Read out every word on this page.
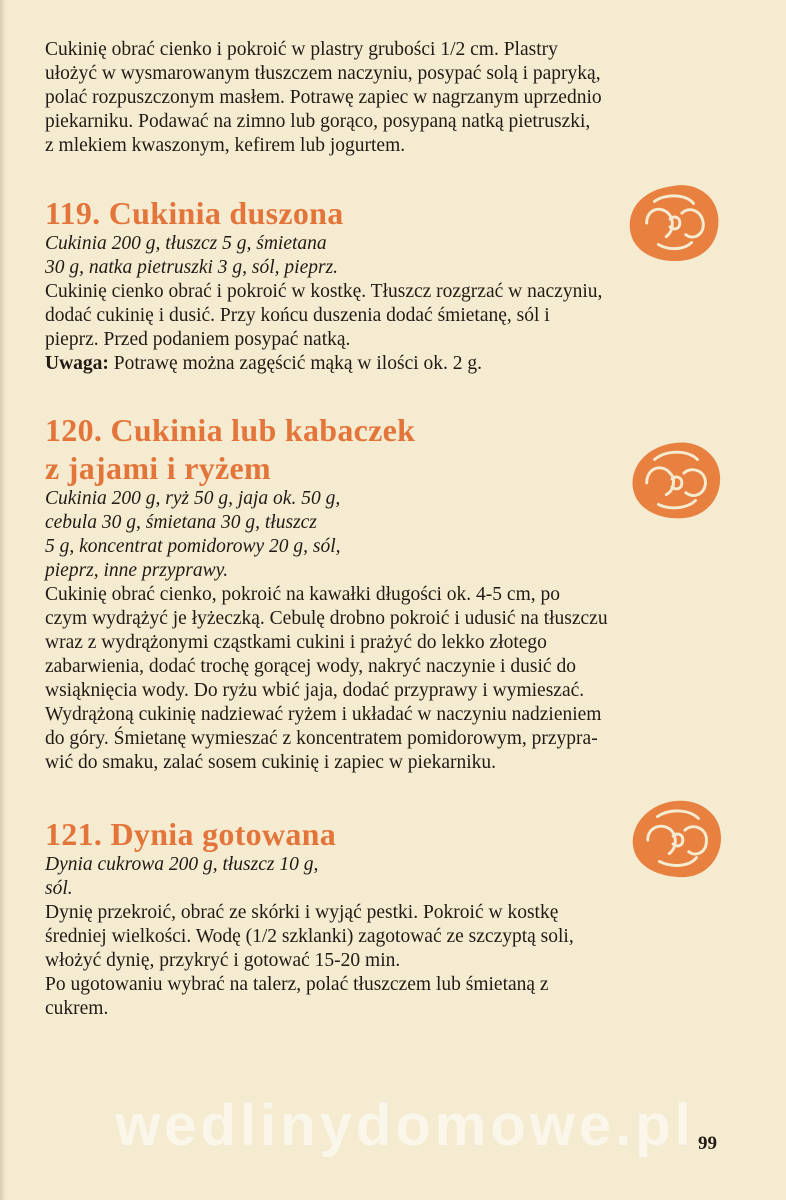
Cukinię obrać cienko i pokroić w plastry grubości 1/2 cm. Plastry

ułożyć w wysmarowanym tłuszczem naczyniu, posypać solą i papryką,

polać rozpuszczonym masłem. Potrawę zapiec w nagrzanym uprzednio

piekarniku. Podawać na zimno lub gorąco, posypaną natką pietruszki,

z mlekiem kwaszonym, kefirem lub jogurtem.

119. Cukinia duszona

Cukinia 200 g, tłuszcz 5 g, śmietana

30 g, natka pietruszki 3 g, sól, pieprz.

Cukinię cienko obrać i pokroić w kostkę. Tłuszcz rozgrzać w naczyniu,

dodać cukinię i dusić. Przy końcu duszenia dodać śmietanę, sól i

pieprz. Przed podaniem posypać natką.

Uwaga: Potrawę można zagęścić mąką w ilości ok. 2 g.

120. Cukinia lub kabaczek
z jajami i ryżem

Cukinia 200 g, ryż 50 g, jaja ok. 50 g,

cebula 30 g, śmietana 30 g, tłuszcz

5 g, koncentrat pomidorowy 20 g, sól,

pieprz, inne przyprawy.

Cukinię obrać cienko, pokroić na kawałki długości ok. 4-5 cm, po

czym wydrążyć je łyżeczką. Cebulę drobno pokroić i udusić na tłuszczu

wraz z wydrążonymi cząstkami cukini i prażyć do lekko złotego

zabarwienia, dodać trochę gorącej wody, nakryć naczynie i dusić do

wsiąknięcia wody. Do ryżu wbić jaja, dodać przyprawy i wymieszać.

Wydrążoną cukinię nadziewać ryżem i układać w naczyniu nadzieniem

do góry. Śmietanę wymieszać z koncentratem pomidorowym, przypra-

wić do smaku, zalać sosem cukinię i zapiec w piekarniku.

121. Dynia gotowana

Dynia cukrowa 200 g, tłuszcz 10 g,

sól.

Dynię przekroić, obrać ze skórki i wyjąć pestki. Pokroić w kostkę

średniej wielkości. Wodę (1/2 szklanki) zagotować ze szczyptą soli,

włożyć dynię, przykryć i gotować 15-20 min.

Po ugotowaniu wybrać na talerz, polać tłuszczem lub śmietaną z

cukrem.

wedlinydomowe.pl 99
